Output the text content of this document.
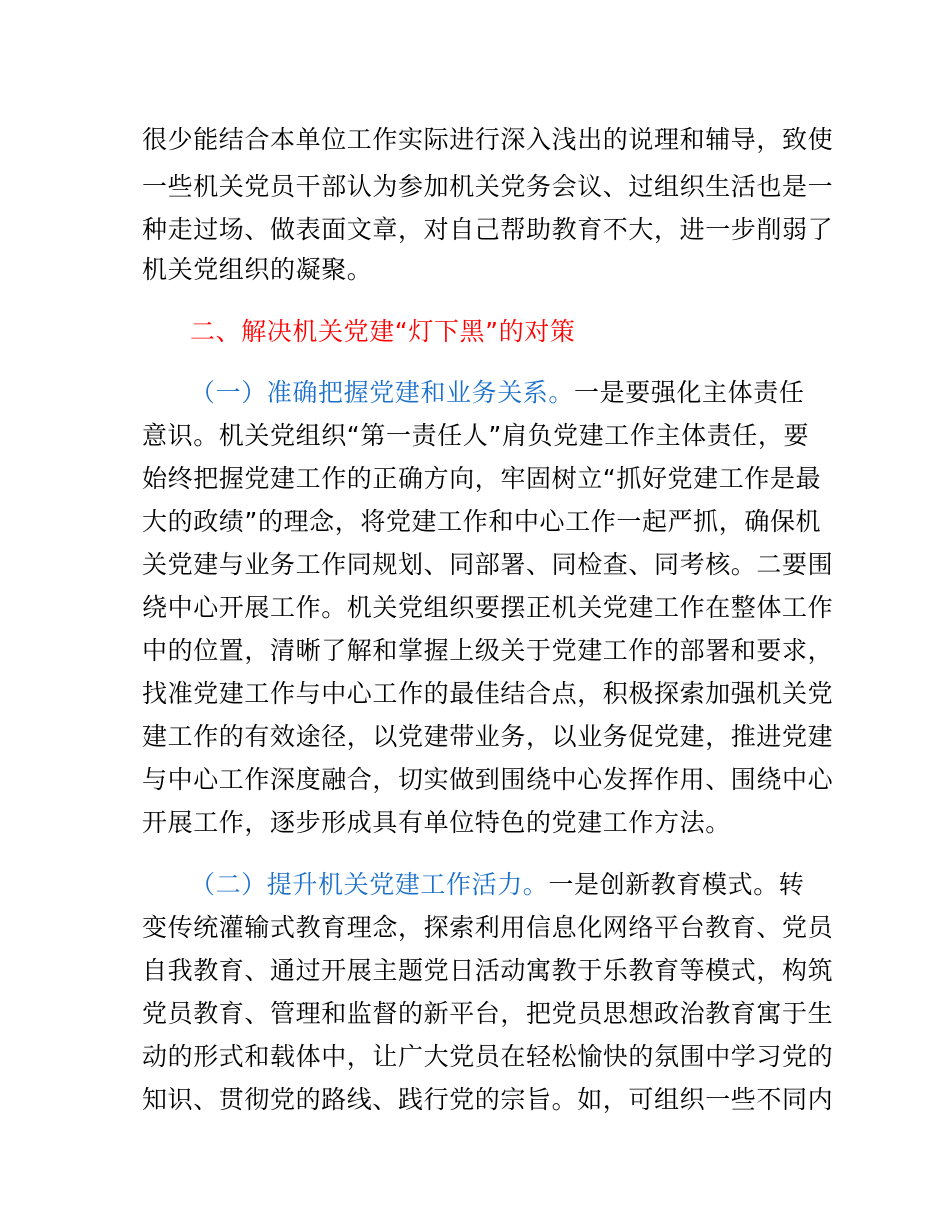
很少能结合本单位工作实际进行深入浅出的说理和辅导，致使
一些机关党员干部认为参加机关党务会议、过组织生活也是一
种走过场、做表面文章，对自己帮助教育不大，进一步削弱了
机关党组织的凝聚。
二、解决机关党建“灯下黑”的对策
（一）准确把握党建和业务关系。一是要强化主体责任
意识。机关党组织“第一责任人”肩负党建工作主体责任，要
始终把握党建工作的正确方向，牢固树立“抓好党建工作是最
大的政绩”的理念，将党建工作和中心工作一起严抓，确保机
关党建与业务工作同规划、同部署、同检查、同考核。二要围
绕中心开展工作。机关党组织要摆正机关党建工作在整体工作
中的位置，清晰了解和掌握上级关于党建工作的部署和要求，
找准党建工作与中心工作的最佳结合点，积极探索加强机关党
建工作的有效途径，以党建带业务，以业务促党建，推进党建
与中心工作深度融合，切实做到围绕中心发挥作用、围绕中心
开展工作，逐步形成具有单位特色的党建工作方法。
（二）提升机关党建工作活力。一是创新教育模式。转
变传统灌输式教育理念，探索利用信息化网络平台教育、党员
自我教育、通过开展主题党日活动寓教于乐教育等模式，构筑
党员教育、管理和监督的新平台，把党员思想政治教育寓于生
动的形式和载体中，让广大党员在轻松愉快的氛围中学习党的
知识、贯彻党的路线、践行党的宗旨。如，可组织一些不同内
